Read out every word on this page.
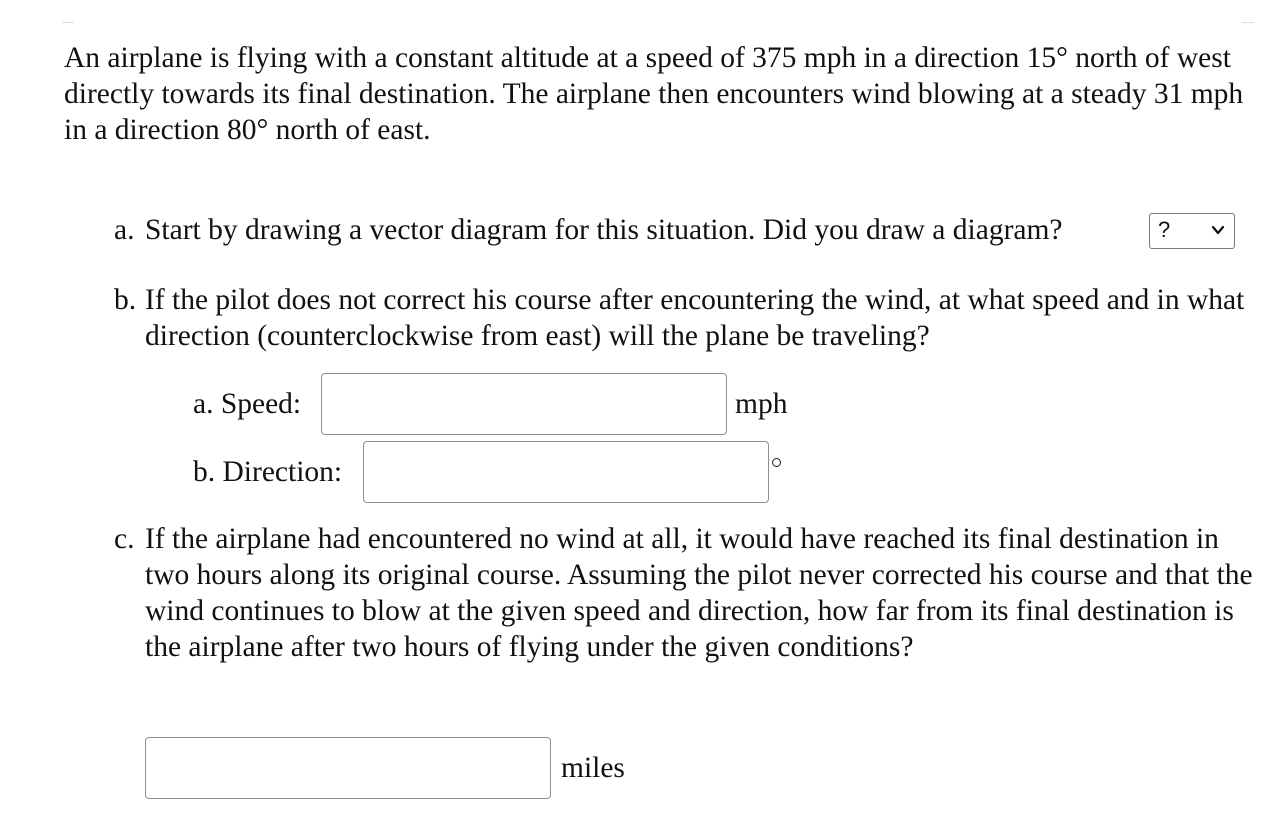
An airplane is flying with a constant altitude at a speed of 375 mph in a direction 15° north of west directly towards its final destination. The airplane then encounters wind blowing at a steady 31 mph in a direction 80° north of east.

a. Start by drawing a vector diagram for this situation. Did you draw a diagram?	?
b. If the pilot does not correct his course after encountering the wind, at what speed and in what direction (counterclockwise from east) will the plane be traveling?
a. Speed:	mph
b. Direction:
c. If the airplane had encountered no wind at all, it would have reached its final destination in two hours along its original course. Assuming the pilot never corrected his course and that the wind continues to blow at the given speed and direction, how far from its final destination is the airplane after two hours of flying under the given conditions?
miles
